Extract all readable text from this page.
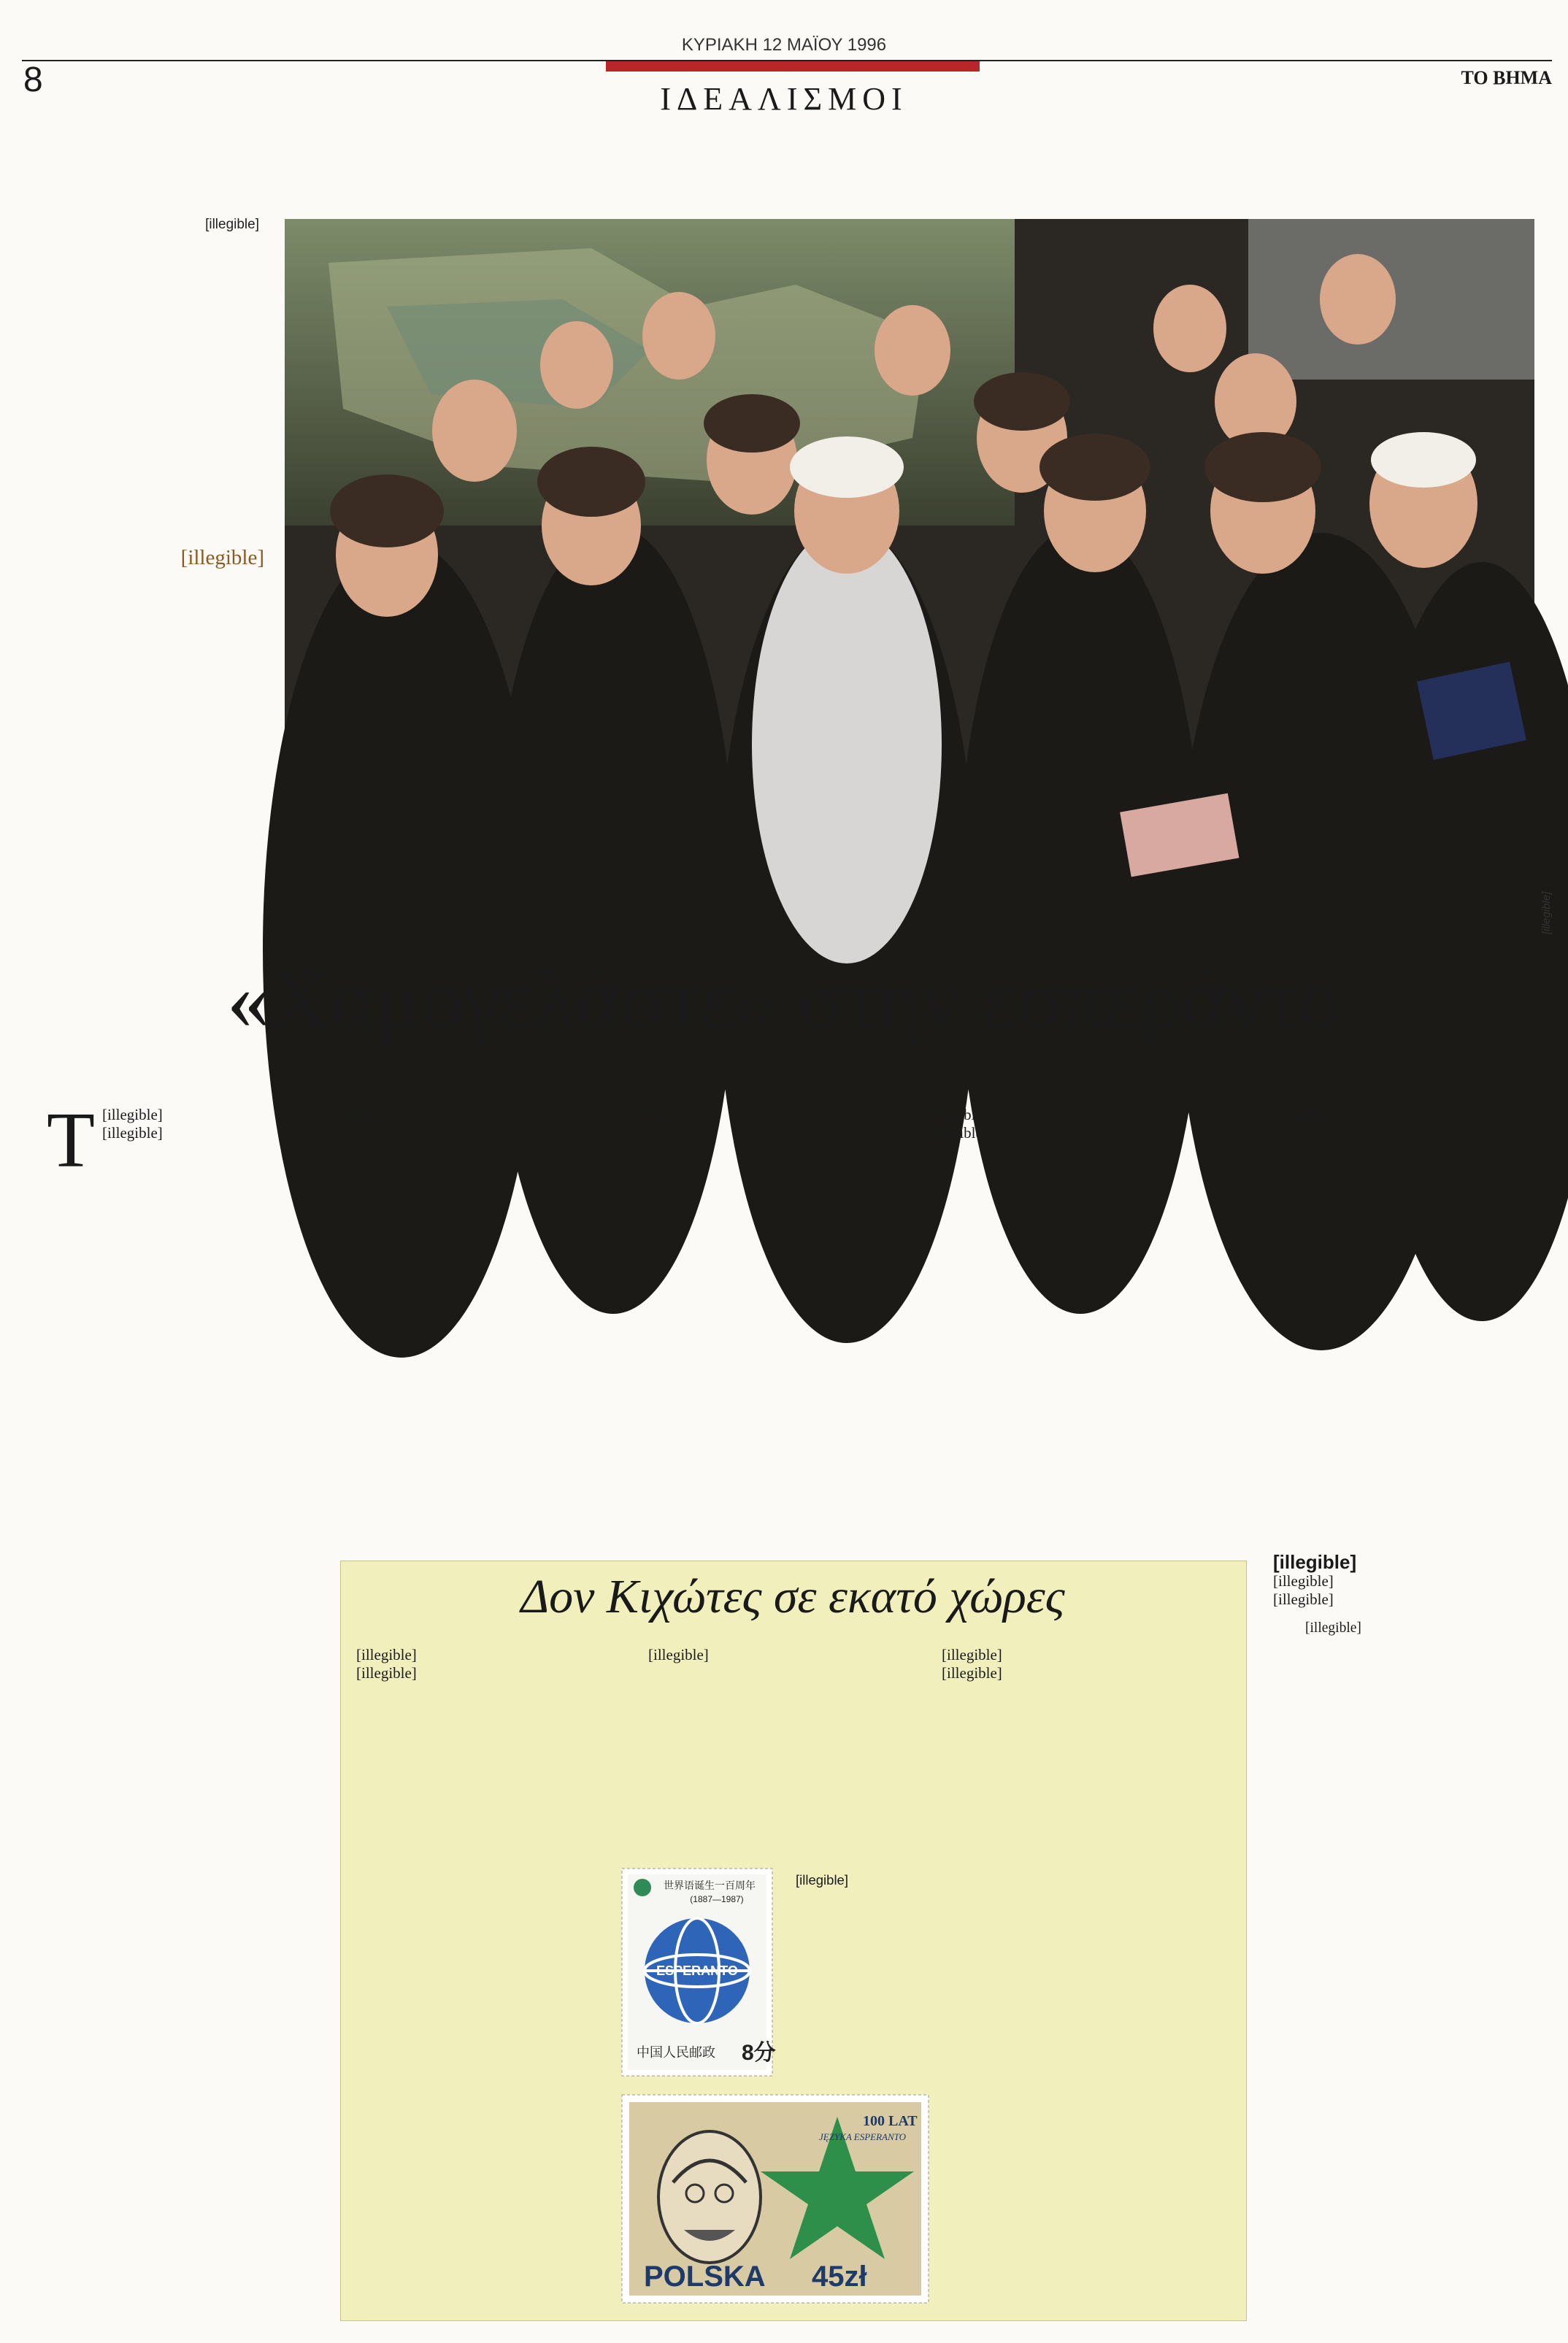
ΚΥΡΙΑΚΗ 12 ΜΑΪΟΥ 1996
8	ΙΔΕΑΛΙΣΜΟΙ
ΤΟ ΒΗΜΑ
[illegible]
[illegible]
[illegible]
«Χαμογελάστε» στην εσπεράντο
Τ [illegible]

[illegible]

[illegible]	[illegible]	[illegible]

[illegible]

[illegible]

[illegible]

[illegible]

[illegible]

[illegible]

Δον Κιχώτες σε εκατό χώρες

[illegible]

[illegible]

[illegible]	[illegible]

[illegible]

ESPERANTO
世界语诞生一百周年
(1887—1987)
中国人民邮政 8分
[illegible]
100 LAT
JĘZYKA ESPERANTO
POLSKA 45zł
